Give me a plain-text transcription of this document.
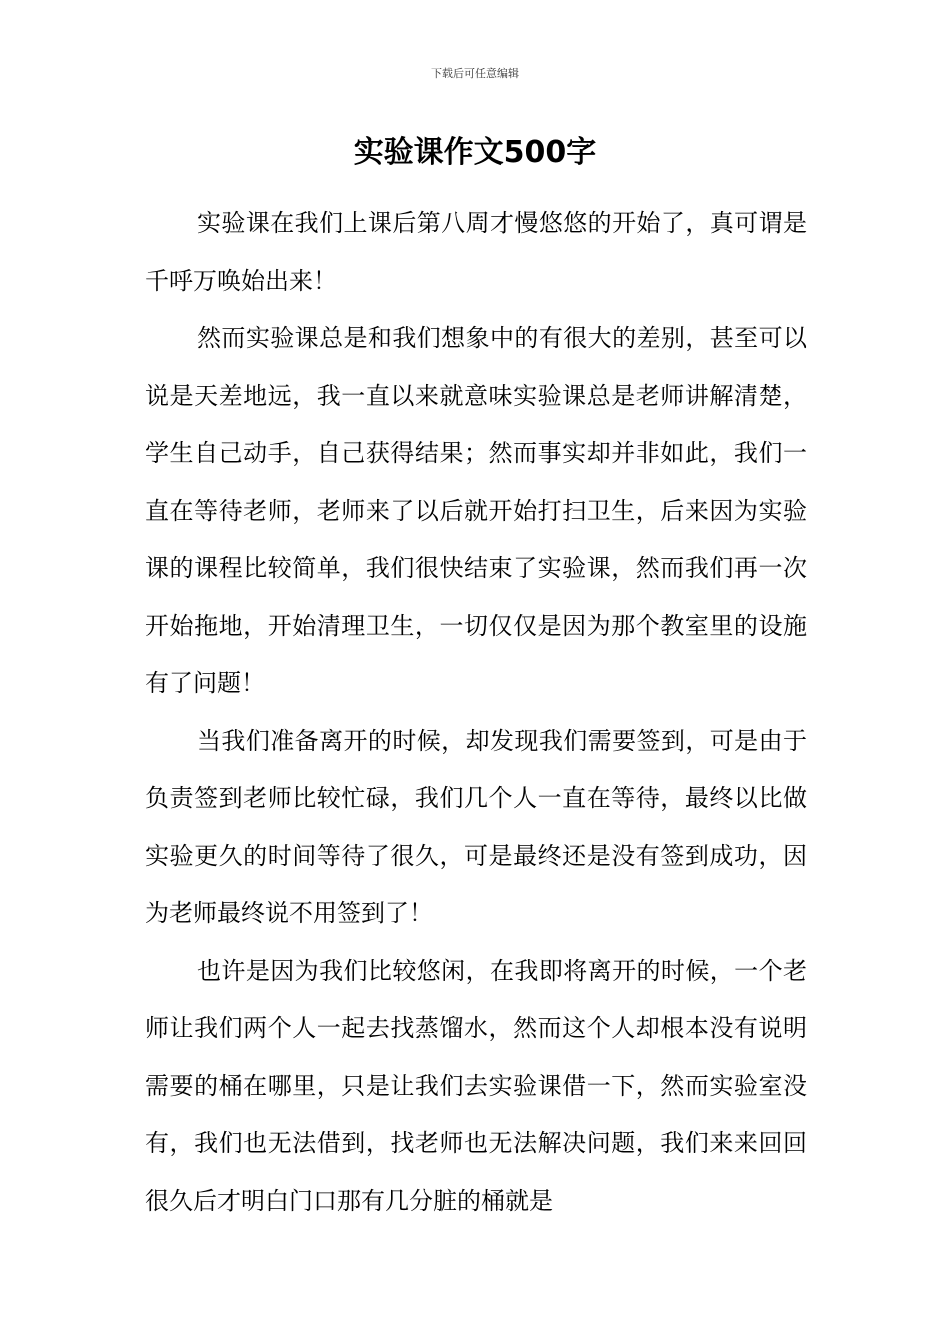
下载后可任意编辑
实验课作文500字

实验课在我们上课后第八周才慢悠悠的开始了，真可谓是千呼万唤始出来！

然而实验课总是和我们想象中的有很大的差别，甚至可以说是天差地远，我一直以来就意味实验课总是老师讲解清楚，学生自己动手，自己获得结果；然而事实却并非如此，我们一直在等待老师，老师来了以后就开始打扫卫生，后来因为实验课的课程比较简单，我们很快结束了实验课，然而我们再一次开始拖地，开始清理卫生，一切仅仅是因为那个教室里的设施有了问题！

当我们准备离开的时候，却发现我们需要签到，可是由于负责签到老师比较忙碌，我们几个人一直在等待，最终以比做实验更久的时间等待了很久，可是最终还是没有签到成功，因为老师最终说不用签到了！

也许是因为我们比较悠闲，在我即将离开的时候，一个老师让我们两个人一起去找蒸馏水，然而这个人却根本没有说明需要的桶在哪里，只是让我们去实验课借一下，然而实验室没有，我们也无法借到，找老师也无法解决问题，我们来来回回很久后才明白门口那有几分脏的桶就是
